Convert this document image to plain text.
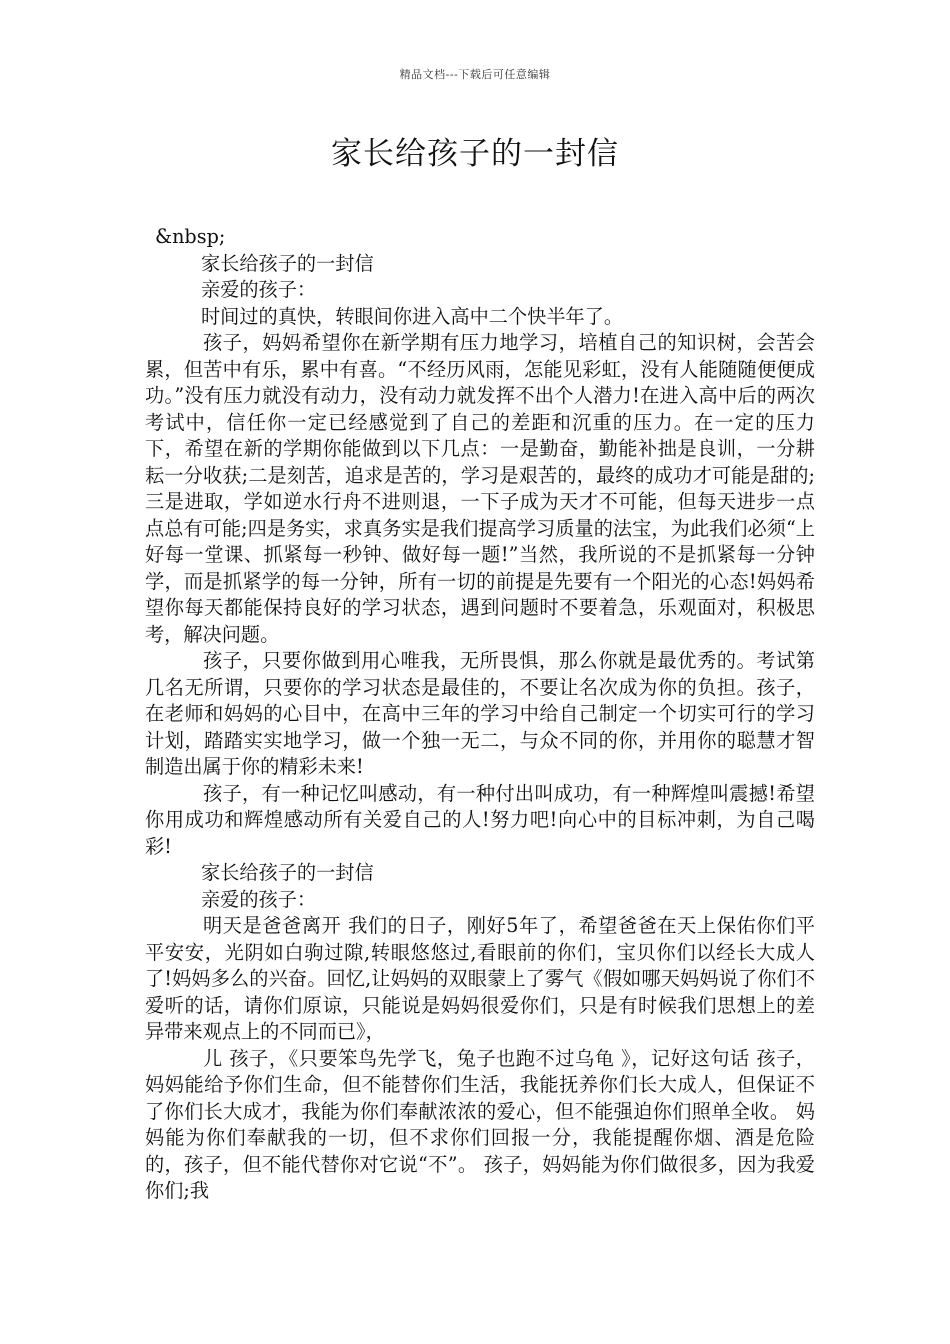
精品文档---下载后可任意编辑
家长给孩子的一封信

&nbsp;

家长给孩子的一封信

亲爱的孩子：

时间过的真快，转眼间你进入高中二个快半年了。

孩子，妈妈希望你在新学期有压力地学习，培植自己的知识树，会苦会累，但苦中有乐，累中有喜。“不经历风雨，怎能见彩虹，没有人能随随便便成功。”没有压力就没有动力，没有动力就发挥不出个人潜力!在进入高中后的两次考试中，信任你一定已经感觉到了自己的差距和沉重的压力。在一定的压力下，希望在新的学期你能做到以下几点：一是勤奋，勤能补拙是良训，一分耕耘一分收获;二是刻苦，追求是苦的，学习是艰苦的，最终的成功才可能是甜的;三是进取，学如逆水行舟不进则退，一下子成为天才不可能，但每天进步一点点总有可能;四是务实，求真务实是我们提高学习质量的法宝，为此我们必须“上好每一堂课、抓紧每一秒钟、做好每一题!”当然，我所说的不是抓紧每一分钟学，而是抓紧学的每一分钟，所有一切的前提是先要有一个阳光的心态!妈妈希望你每天都能保持良好的学习状态，遇到问题时不要着急，乐观面对，积极思考，解决问题。

孩子，只要你做到用心唯我，无所畏惧，那么你就是最优秀的。考试第几名无所谓，只要你的学习状态是最佳的，不要让名次成为你的负担。孩子，在老师和妈妈的心目中，在高中三年的学习中给自己制定一个切实可行的学习计划，踏踏实实地学习，做一个独一无二，与众不同的你，并用你的聪慧才智制造出属于你的精彩未来!

孩子，有一种记忆叫感动，有一种付出叫成功，有一种辉煌叫震撼!希望你用成功和辉煌感动所有关爱自己的人!努力吧!向心中的目标冲刺，为自己喝彩!

家长给孩子的一封信

亲爱的孩子：

明天是爸爸离开 我们的日子，刚好5年了，希望爸爸在天上保佑你们平平安安，光阴如白驹过隙,转眼悠悠过,看眼前的你们，宝贝你们以经长大成人了!妈妈多么的兴奋。回忆,让妈妈的双眼蒙上了雾气《假如哪天妈妈说了你们不爱听的话，请你们原谅，只能说是妈妈很爱你们，只是有时候我们思想上的差异带来观点上的不同而已》，

儿 孩子，《只要笨鸟先学飞，兔子也跑不过乌龟 》，记好这句话 孩子，妈妈能给予你们生命，但不能替你们生活，我能抚养你们长大成人，但保证不了你们长大成才，我能为你们奉献浓浓的爱心，但不能强迫你们照单全收。 妈妈能为你们奉献我的一切，但不求你们回报一分，我能提醒你烟、酒是危险的，孩子，但不能代替你对它说“不”。 孩子，妈妈能为你们做很多，因为我爱你们;我
